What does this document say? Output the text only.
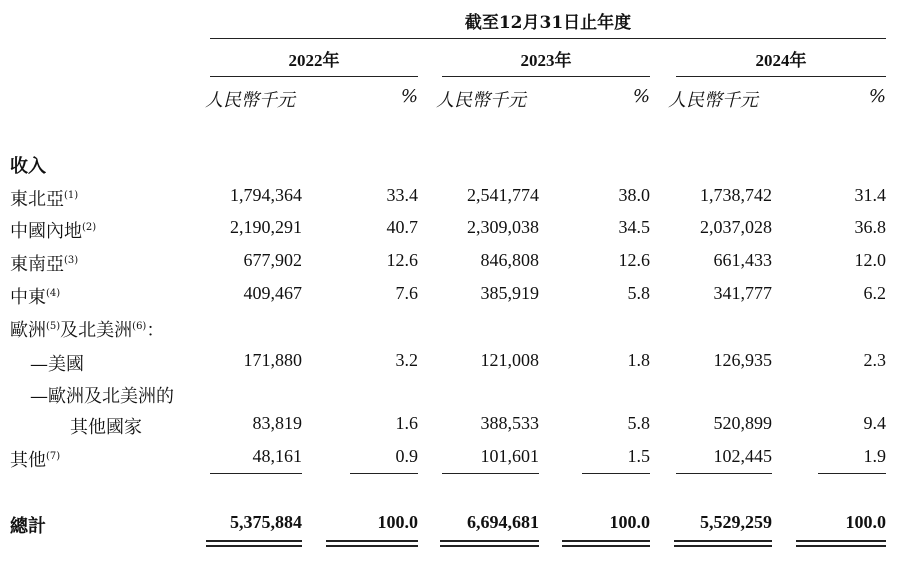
截至12月31日止年度
2022年	2023年	2024年
人民幣千元	% 人民幣千元	% 人民幣千元	%
收入
東北亞$^{(1)}$	1,794,364	33.4	2,541,774	38.0	1,738,742	31.4
中國內地$^{(2)}$	2,190,291	40.7	2,309,038	34.5	2,037,028	36.8
東南亞$^{(3)}$	677,902	12.6	846,808	12.6	661,433	12.0
中東$^{(4)}$	409,467	7.6	385,919	5.8	341,777	6.2
歐洲$^{(5)}$及北美洲$^{(6)}$：
—美國	171,880	3.2	121,008	1.8	126,935	2.3
—歐洲及北美洲的
其他國家	83,819	1.6	388,533	5.8	520,899	9.4
其他$^{(7)}$	48,161	0.9	101,601	1.5	102,445	1.9
總計	5,375,884	100.0	6,694,681	100.0	5,529,259	100.0
